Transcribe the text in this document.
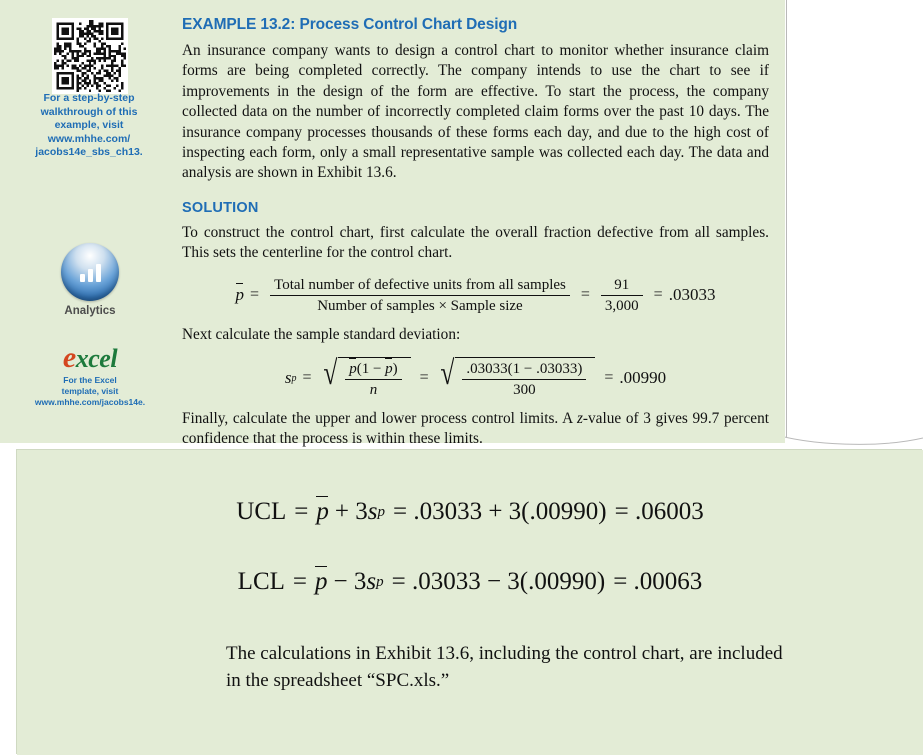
For a step-by-step
walkthrough of this
example, visit
www.mhhe.com/
jacobs14e_sbs_ch13.
Analytics
excel
For the Excel
template, visit
www.mhhe.com/jacobs14e.
EXAMPLE 13.2: Process Control Chart Design

An insurance company wants to design a control chart to monitor whether insurance claim forms are being completed correctly. The company intends to use the chart to see if improvements in the design of the form are effective. To start the process, the company collected data on the number of incorrectly completed claim forms over the past 10 days. The insurance company processes thousands of these forms each day, and due to the high cost of inspecting each form, only a small representative sample was collected each day. The data and analysis are shown in Exhibit 13.6.

SOLUTION

To construct the control chart, first calculate the overall fraction defective from all samples. This sets the centerline for the control chart.

$p = \frac{\text{Total number of defective units from all samples}}{\text{Number of samples × Sample size}} = \frac{91}{3,000} = .03033$

Next calculate the sample standard deviation:

s p = √ $\frac{p(1 - p)}{n}$ = √ $\frac{.03033(1 - .03033)}{300} = .00990$

Finally, calculate the upper and lower process control limits. A z-value of 3 gives 99.7 percent confidence that the process is within these limits.

UCL = p + 3 s p = .03033 + 3(.00990) = .06003
LCL = p − 3 s p = .03033 − 3(.00990) = .00063
The calculations in Exhibit 13.6, including the control chart, are included in the spreadsheet “SPC.xls.”
